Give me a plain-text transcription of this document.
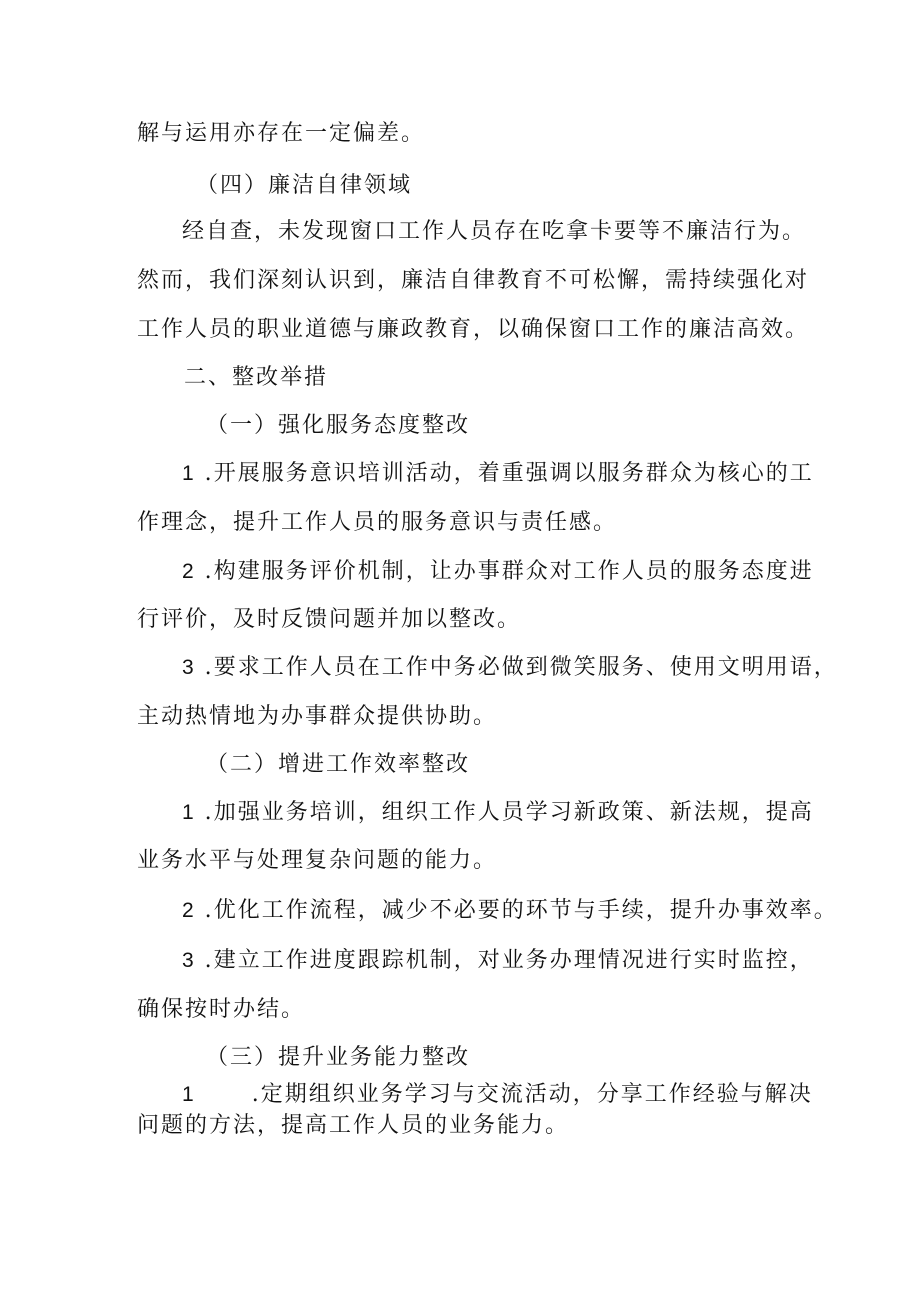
解与运用亦存在一定偏差。

（四）廉洁自律领域

经自查，未发现窗口工作人员存在吃拿卡要等不廉洁行为。

然而，我们深刻认识到，廉洁自律教育不可松懈，需持续强化对

工作人员的职业道德与廉政教育，以确保窗口工作的廉洁高效。

二、整改举措

（一）强化服务态度整改

1 .开展服务意识培训活动，着重强调以服务群众为核心的工

作理念，提升工作人员的服务意识与责任感。

2 .构建服务评价机制，让办事群众对工作人员的服务态度进

行评价，及时反馈问题并加以整改。

3 .要求工作人员在工作中务必做到微笑服务、使用文明用语，

主动热情地为办事群众提供协助。

（二）增进工作效率整改

1 .加强业务培训，组织工作人员学习新政策、新法规，提高

业务水平与处理复杂问题的能力。

2 .优化工作流程，减少不必要的环节与手续，提升办事效率。

3 .建立工作进度跟踪机制，对业务办理情况进行实时监控，

确保按时办结。

（三）提升业务能力整改

1	.定期组织业务学习与交流活动，分享工作经验与解决

问题的方法，提高工作人员的业务能力。
